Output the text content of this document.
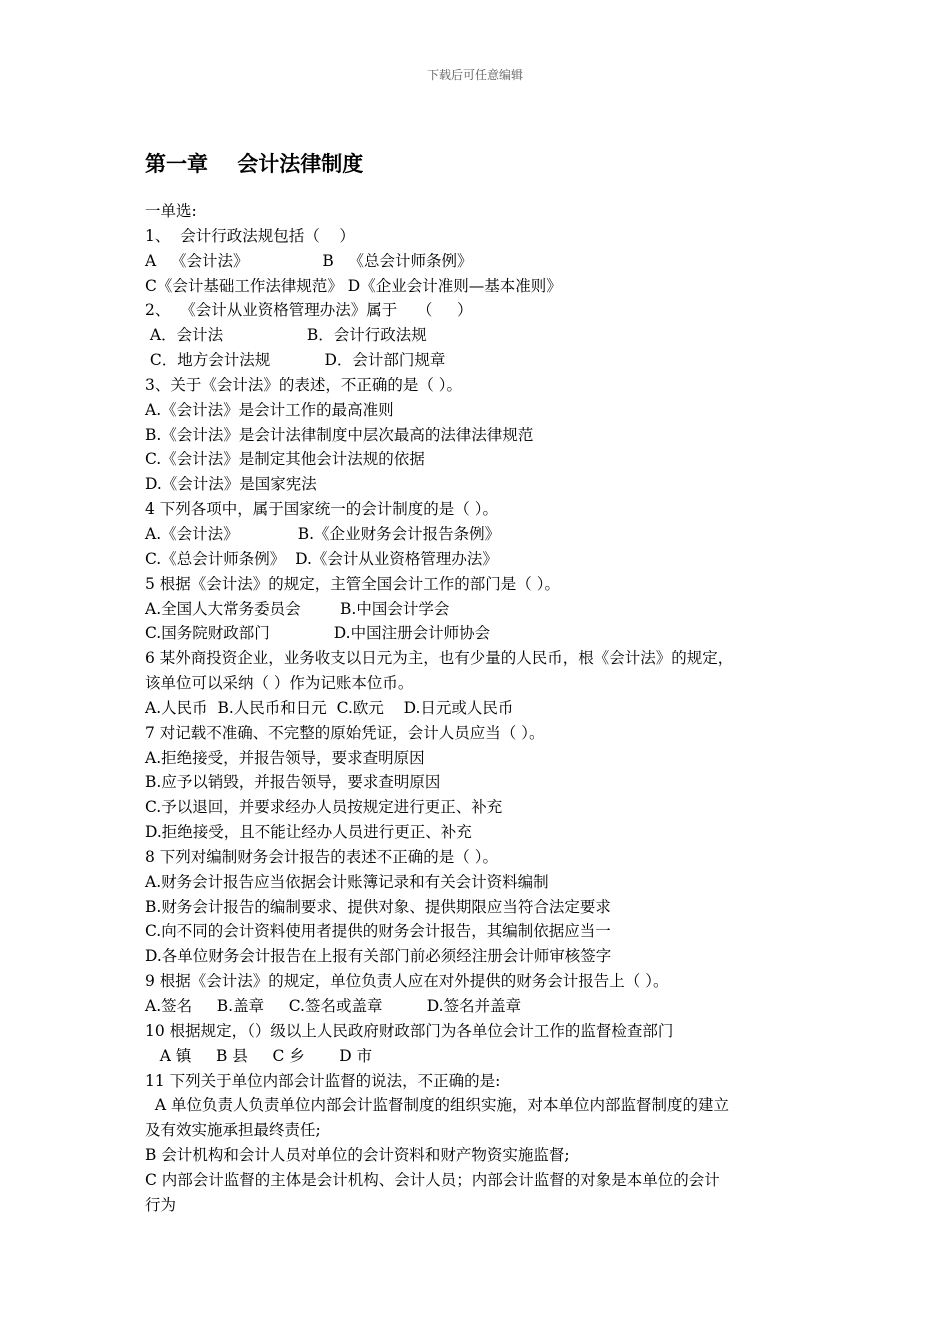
下载后可任意编辑
第一章    会计法律制度
一单选:
1、  会计行政法规包括（    ）
A   《会计法》               B   《总会计师条例》
C《会计基础工作法律规范》 D《企业会计准则—基本准则》
2、  《会计从业资格管理办法》属于    （     ）
A．会计法                 B．会计行政法规
C．地方会计法规           D．会计部门规章
3、关于《会计法》的表述，不正确的是（ ）。
A.《会计法》是会计工作的最高准则
B.《会计法》是会计法律制度中层次最高的法律法律规范
C.《会计法》是制定其他会计法规的依据
D.《会计法》是国家宪法
4 下列各项中，属于国家统一的会计制度的是（ ）。
A.《会计法》            B.《企业财务会计报告条例》
C.《总会计师条例》  D.《会计从业资格管理办法》
5 根据《会计法》的规定，主管全国会计工作的部门是（ ）。
A.全国人大常务委员会        B.中国会计学会
C.国务院财政部门             D.中国注册会计师协会
6 某外商投资企业，业务收支以日元为主，也有少量的人民币，根《会计法》的规定，
该单位可以采纳（ ）作为记账本位币。
A.人民币  B.人民币和日元  C.欧元    D.日元或人民币
7 对记载不准确、不完整的原始凭证，会计人员应当（ ）。
A.拒绝接受，并报告领导，要求查明原因
B.应予以销毁，并报告领导，要求查明原因
C.予以退回，并要求经办人员按规定进行更正、补充
D.拒绝接受，且不能让经办人员进行更正、补充
8 下列对编制财务会计报告的表述不正确的是（ ）。
A.财务会计报告应当依据会计账簿记录和有关会计资料编制
B.财务会计报告的编制要求、提供对象、提供期限应当符合法定要求
C.向不同的会计资料使用者提供的财务会计报告，其编制依据应当一
D.各单位财务会计报告在上报有关部门前必须经注册会计师审核签字
9 根据《会计法》的规定，单位负责人应在对外提供的财务会计报告上（ ）。
A.签名     B.盖章     C.签名或盖章         D.签名并盖章
10 根据规定，（）级以上人民政府财政部门为各单位会计工作的监督检查部门
A 镇     B 县     C 乡       D 市
11 下列关于单位内部会计监督的说法，不正确的是:
A 单位负责人负责单位内部会计监督制度的组织实施，对本单位内部监督制度的建立
及有效实施承担最终责任;
B 会计机构和会计人员对单位的会计资料和财产物资实施监督;
C 内部会计监督的主体是会计机构、会计人员；内部会计监督的对象是本单位的会计
行为
